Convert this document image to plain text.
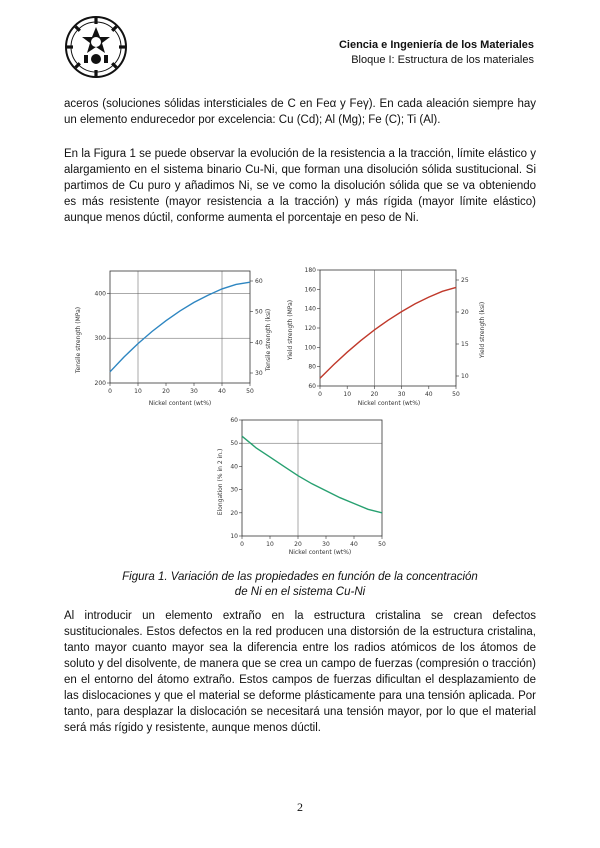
Ciencia e Ingeniería de los Materiales
Bloque I: Estructura de los materiales
aceros (soluciones sólidas intersticiales de C en Feα y Feγ). En cada aleación siempre hay un elemento endurecedor por excelencia: Cu (Cd); Al (Mg); Fe (C); Ti (Al).
En la Figura 1 se puede observar la evolución de la resistencia a la tracción, límite elástico y alargamiento en el sistema binario Cu-Ni, que forman una disolución sólida sustitucional. Si partimos de Cu puro y añadimos Ni, se ve como la disolución sólida que se va obteniendo es más resistente (mayor resistencia a la tracción) y más rígida (mayor límite elástico) aunque menos dúctil, conforme aumenta el porcentaje en peso de Ni.
Nickel content (wt%)
Tensile strength (MPa)	Tensile strength (ksi)
0	10	20	30	40	50
200
300
400
30
40
50
60
Nickel content (wt%)
Yield strength (MPa)	Yield strength (ksi)
0	10	20	30	40	50
60
80
100
120
140
160
180
10
15
20
25
Nickel content (wt%)
Elongation (% in 2 in.)
0	10	20	30	40	50
10
20
30
40
50
60
Figura 1. Variación de las propiedades en función de la concentración
de Ni en el sistema Cu-Ni
Al introducir un elemento extraño en la estructura cristalina se crean defectos sustitucionales. Estos defectos en la red producen una distorsión de la estructura cristalina, tanto mayor cuanto mayor sea la diferencia entre los radios atómicos de los átomos de soluto y del disolvente, de manera que se crea un campo de fuerzas (compresión o tracción) en el entorno del átomo extraño. Estos campos de fuerzas dificultan el desplazamiento de las dislocaciones y que el material se deforme plásticamente para una tensión aplicada. Por tanto, para desplazar la dislocación se necesitará una tensión mayor, por lo que el material será más rígido y resistente, aunque menos dúctil.
2
